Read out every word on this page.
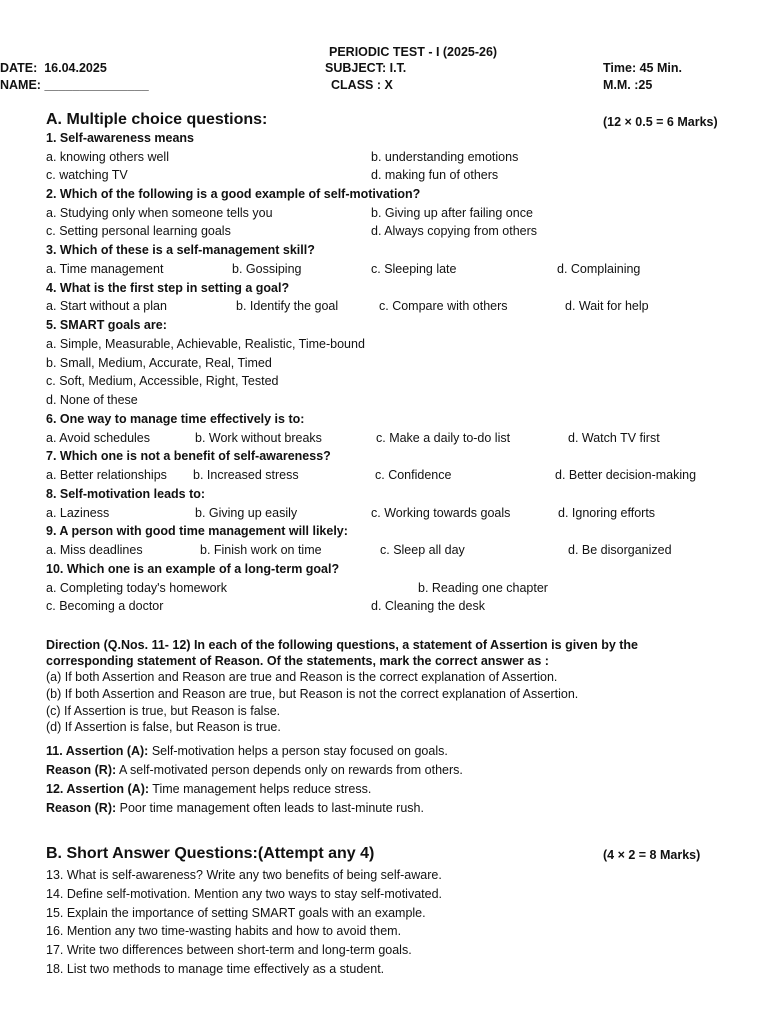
PERIODIC TEST - I (2025-26)
DATE: 16.04.2025	SUBJECT: I.T.	Time: 45 Min.
NAME: _______________	CLASS : X	M.M. :25
A. Multiple choice questions:	(12 × 0.5 = 6 Marks)
1. Self-awareness means
a. knowing others well	b. understanding emotions
c. watching TV	d. making fun of others
2. Which of the following is a good example of self-motivation?
a. Studying only when someone tells you	b. Giving up after failing once
c. Setting personal learning goals	d. Always copying from others
3. Which of these is a self-management skill?
a. Time management	b. Gossiping	c. Sleeping late	d. Complaining
4. What is the first step in setting a goal?
a. Start without a plan	b. Identify the goal	c. Compare with others	d. Wait for help
5. SMART goals are:
a. Simple, Measurable, Achievable, Realistic, Time-bound
b. Small, Medium, Accurate, Real, Timed
c. Soft, Medium, Accessible, Right, Tested
d. None of these
6. One way to manage time effectively is to:
a. Avoid schedules	b. Work without breaks	c. Make a daily to-do list	d. Watch TV first
7. Which one is not a benefit of self-awareness?
a. Better relationships b. Increased stress	c. Confidence	d. Better decision-making
8. Self-motivation leads to:
a. Laziness	b. Giving up easily	c. Working towards goals	d. Ignoring efforts
9. A person with good time management will likely:
a. Miss deadlines	b. Finish work on time	c. Sleep all day	d. Be disorganized
10. Which one is an example of a long-term goal?
a. Completing today's homework	b. Reading one chapter
c. Becoming a doctor	d. Cleaning the desk
Direction (Q.Nos. 11- 12) In each of the following questions, a statement of Assertion is given by the corresponding statement of Reason. Of the statements, mark the correct answer as :
(a) If both Assertion and Reason are true and Reason is the correct explanation of Assertion.
(b) If both Assertion and Reason are true, but Reason is not the correct explanation of Assertion.
(c) If Assertion is true, but Reason is false.
(d) If Assertion is false, but Reason is true.
11. Assertion (A): Self-motivation helps a person stay focused on goals.
Reason (R): A self-motivated person depends only on rewards from others.
12. Assertion (A): Time management helps reduce stress.
Reason (R): Poor time management often leads to last-minute rush.
B. Short Answer Questions:(Attempt any 4)	(4 × 2 = 8 Marks)
13. What is self-awareness? Write any two benefits of being self-aware.
14. Define self-motivation. Mention any two ways to stay self-motivated.
15. Explain the importance of setting SMART goals with an example.
16. Mention any two time-wasting habits and how to avoid them.
17. Write two differences between short-term and long-term goals.
18. List two methods to manage time effectively as a student.
